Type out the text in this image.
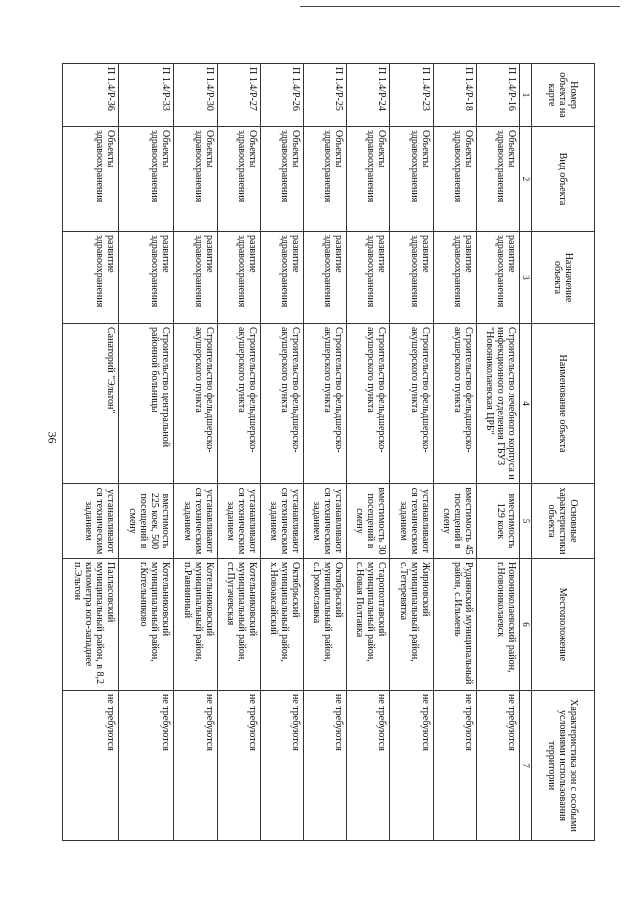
36
Номер объекта на карте	Вид объекта	Назначение объекта	Наименование объекта	Основные характеристики объекта	Местоположение	Характеристика зон с особыми условиями использования территории
1	2	3	4	5	6	7
П 1.4/Р-16	Объекты здравоохранения	развитие здравоохранения	Строительство лечебного корпуса и инфекционного отделения ГБУЗ "Новониколаевская ЦРБ"	вместимость 129 коек	Новониколаевский район, г.Новониколаевск	не требуются
П 1.4/Р-18	Объекты здравоохранения	развитие здравоохранения	Строительство фельдшерско-акушерского пункта	вместимость 45 посещений в смену	Руднянский муниципальный район, с.Ильмень	не требуются
П 1.4/Р-23	Объекты здравоохранения	развитие здравоохранения	Строительство фельдшерско-акушерского пункта	устанавливаются техническим заданием	Жирновский муниципальный район, с.Тетеревятка	не требуются
П 1.4/Р-24	Объекты здравоохранения	развитие здравоохранения	Строительство фельдшерско-акушерского пункта	вместимость 30 посещений в смену	Старополтавский муниципальный район, с.Новая Полтавка	не требуются
П 1.4/Р-25	Объекты здравоохранения	развитие здравоохранения	Строительство фельдшерско-акушерского пункта	устанавливаются техническим заданием	Октябрьский муниципальный район, с.Громославка	не требуются
П 1.4/Р-26	Объекты здравоохранения	развитие здравоохранения	Строительство фельдшерско-акушерского пункта	устанавливаются техническим заданием	Октябрьский муниципальный район, х.Новоаксайский	не требуются
П 1.4/Р-27	Объекты здравоохранения	развитие здравоохранения	Строительство фельдшерско-акушерского пункта	устанавливаются техническим заданием	Котельниковский муниципальный район, ст.Пугачевская	не требуются
П 1.4/Р-30	Объекты здравоохранения	развитие здравоохранения	Строительство фельдшерско-акушерского пункта	устанавливаются техническим заданием	Котельниковский муниципальный район, п.Равнинный	не требуются
П 1.4/Р-33	Объекты здравоохранения	развитие здравоохранения	Строительство центральной районной больницы	вместимость 225 коек, 500 посещений в смену	Котельниковский муниципальный район, г.Котельниково	не требуются
П 1.4/Р-36	Объекты здравоохранения	развитие здравоохранения	Санаторий "Эльтон"	устанавливаются техническим заданием	Палласовский муниципальный район, в 8,2 километра юго-западнее п.Эльтон	не требуются
